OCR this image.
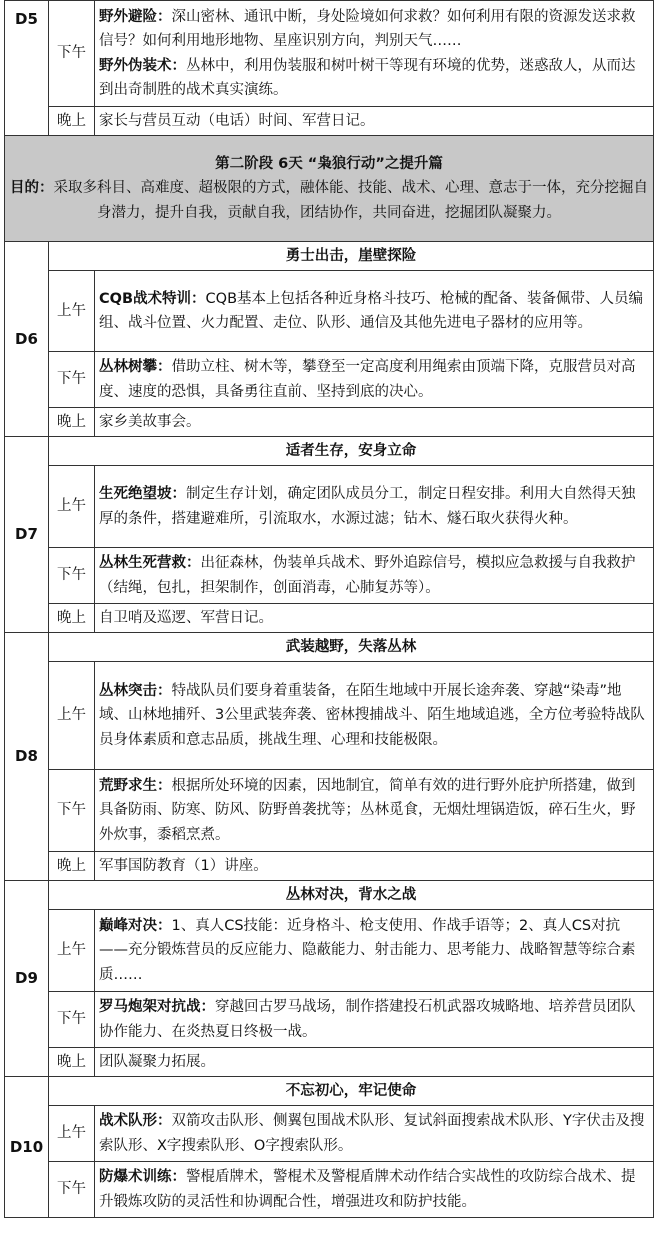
D5	下午	野外避险：深山密林、通讯中断，身处险境如何求救？如何利用有限的资源发送求救信号？如何利用地形地物、星座识别方向，判别天气……
野外伪装术：丛林中，利用伪装服和树叶树干等现有环境的优势，迷惑敌人，从而达到出奇制胜的战术真实演练。

	晚上	家长与营员互动（电话）时间、军营日记。

第二阶段 6天 “枭狼行动”之提升篇
目的：采取多科目、高难度、超极限的方式，融体能、技能、战术、心理、意志于一体，充分挖掘自身潜力，提升自我，贡献自我，团结协作，共同奋进，挖掘团队凝聚力。		

D6	勇士出击，崖壁探险	
	上午	CQB战术特训：CQB基本上包括各种近身格斗技巧、枪械的配备、装备佩带、人员编组、战斗位置、火力配置、走位、队形、通信及其他先进电子器材的应用等。
	下午	丛林树攀：借助立柱、树木等，攀登至一定高度利用绳索由顶端下降，克服营员对高度、速度的恐惧，具备勇往直前、坚持到底的决心。
	晚上	家乡美故事会。
D7	适者生存，安身立命	
	上午	生死绝望坡：制定生存计划，确定团队成员分工，制定日程安排。利用大自然得天独厚的条件，搭建避难所，引流取水，水源过滤；钻木、燧石取火获得火种。
	下午	丛林生死营救：出征森林，伪装单兵战术、野外追踪信号，模拟应急救援与自我救护（结绳，包扎，担架制作，创面消毒，心肺复苏等）。
	晚上	自卫哨及巡逻、军营日记。
D8	武装越野，失落丛林	
	上午	丛林突击：特战队员们要身着重装备，在陌生地域中开展长途奔袭、穿越“染毒”地域、山林地捕歼、3公里武装奔袭、密林搜捕战斗、陌生地域追逃，全方位考验特战队员身体素质和意志品质，挑战生理、心理和技能极限。
	下午	荒野求生：根据所处环境的因素，因地制宜，简单有效的进行野外庇护所搭建，做到具备防雨、防寒、防风、防野兽袭扰等；丛林觅食，无烟灶埋锅造饭，碎石生火，野外炊事，黍稻烹煮。
	晚上	军事国防教育（1）讲座。
D9	丛林对决，背水之战	
	上午	巅峰对决：1、真人CS技能：近身格斗、枪支使用、作战手语等；2、真人CS对抗——充分锻炼营员的反应能力、隐蔽能力、射击能力、思考能力、战略智慧等综合素质……
	下午	罗马炮架对抗战：穿越回古罗马战场，制作搭建投石机武器攻城略地、培养营员团队协作能力、在炎热夏日终极一战。
	晚上	团队凝聚力拓展。
D10	不忘初心，牢记使命	
	上午	战术队形：双箭攻击队形、侧翼包围战术队形、复试斜面搜索战术队形、Y字伏击及搜索队形、X字搜索队形、O字搜索队形。
	下午	防爆术训练：警棍盾牌术，警棍术及警棍盾牌术动作结合实战性的攻防综合战术、提升锻炼攻防的灵活性和协调配合性，增强进攻和防护技能。
